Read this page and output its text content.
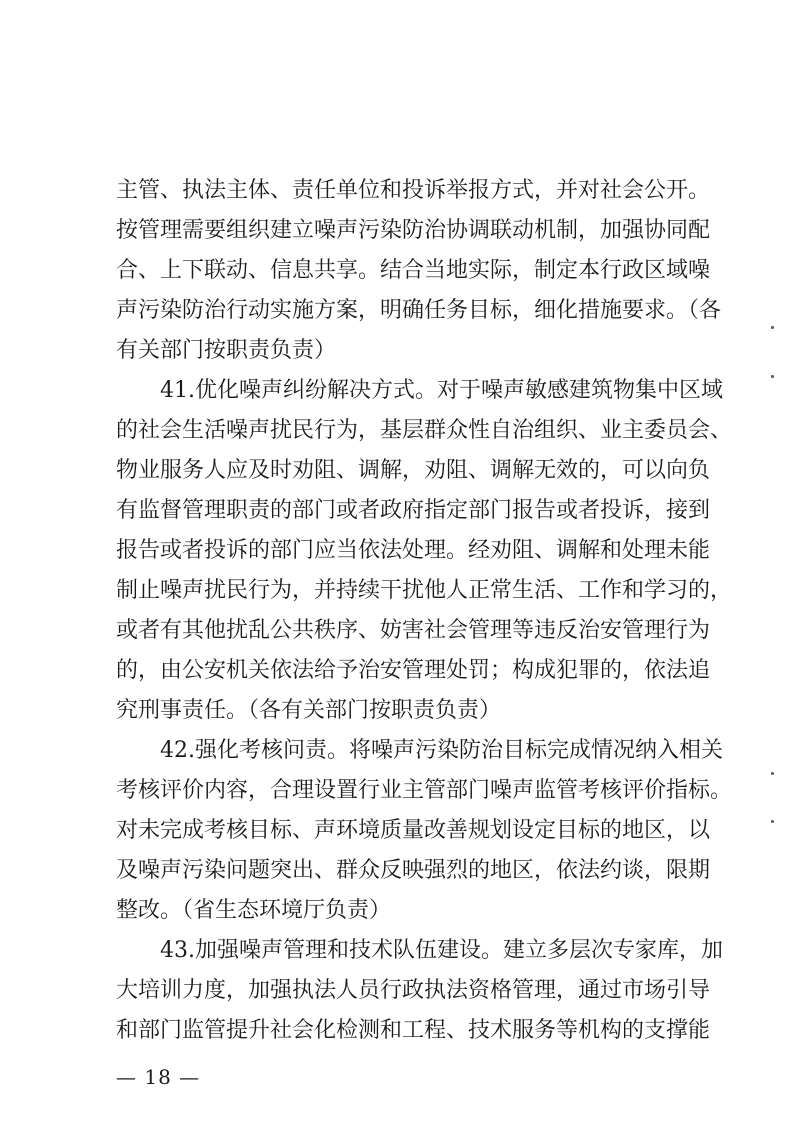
主管、执法主体、责任单位和投诉举报方式，并对社会公开。
按管理需要组织建立噪声污染防治协调联动机制，加强协同配
合、上下联动、信息共享。结合当地实际，制定本行政区域噪
声污染防治行动实施方案，明确任务目标，细化措施要求。（各
有关部门按职责负责）
41.优化噪声纠纷解决方式。对于噪声敏感建筑物集中区域
的社会生活噪声扰民行为，基层群众性自治组织、业主委员会、
物业服务人应及时劝阻、调解，劝阻、调解无效的，可以向负
有监督管理职责的部门或者政府指定部门报告或者投诉，接到
报告或者投诉的部门应当依法处理。经劝阻、调解和处理未能
制止噪声扰民行为，并持续干扰他人正常生活、工作和学习的，
或者有其他扰乱公共秩序、妨害社会管理等违反治安管理行为
的，由公安机关依法给予治安管理处罚；构成犯罪的，依法追
究刑事责任。（各有关部门按职责负责）
42.强化考核问责。将噪声污染防治目标完成情况纳入相关
考核评价内容，合理设置行业主管部门噪声监管考核评价指标。
对未完成考核目标、声环境质量改善规划设定目标的地区，以
及噪声污染问题突出、群众反映强烈的地区，依法约谈，限期
整改。（省生态环境厅负责）
43.加强噪声管理和技术队伍建设。建立多层次专家库，加
大培训力度，加强执法人员行政执法资格管理，通过市场引导
和部门监管提升社会化检测和工程、技术服务等机构的支撑能
— 18 —
